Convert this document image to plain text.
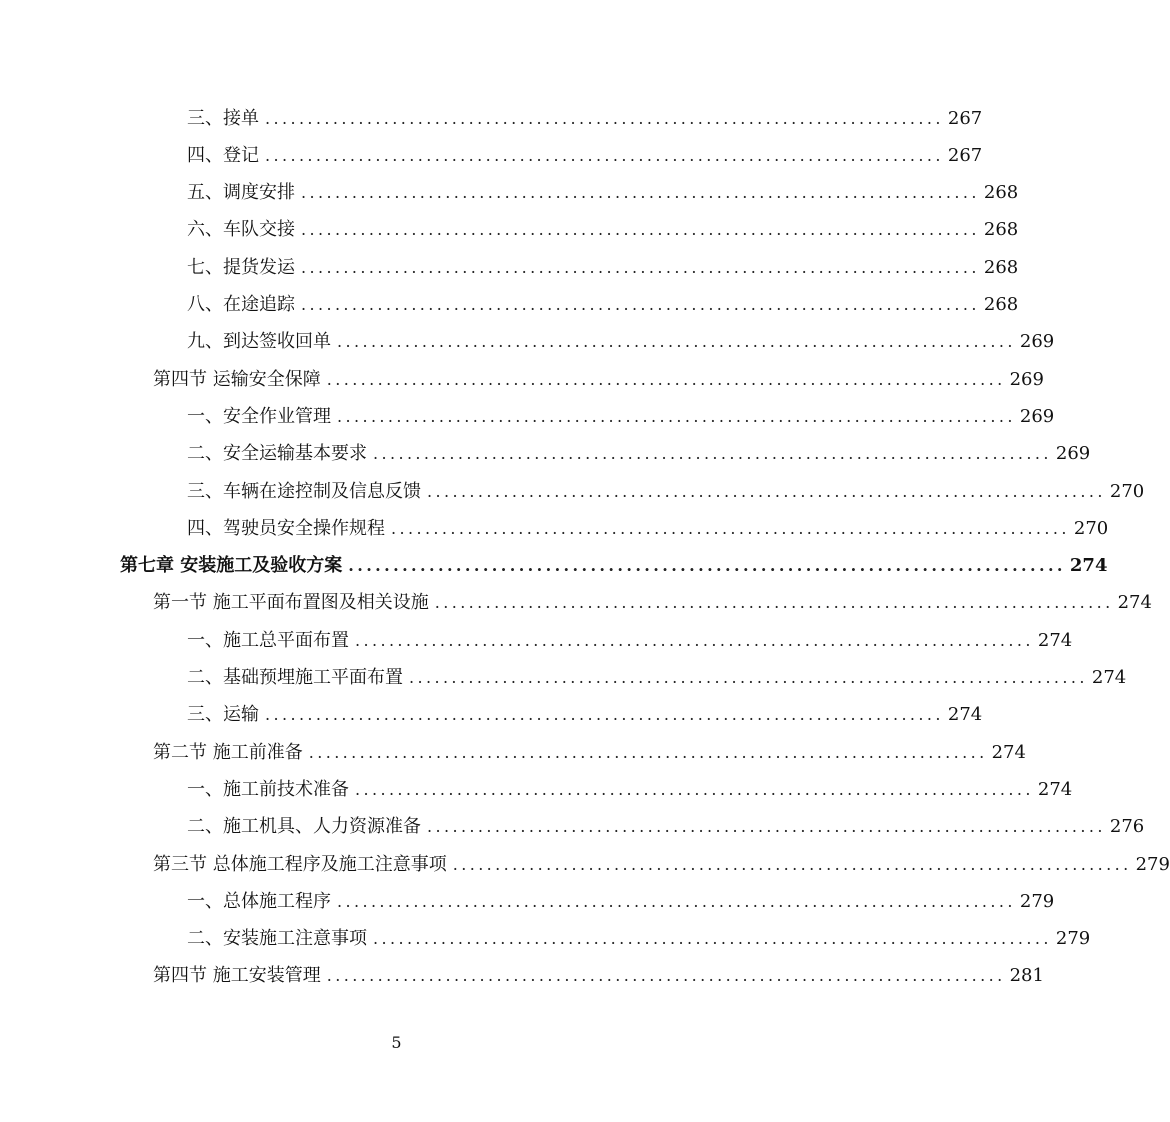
三、接单 ................................................................................ 267
四、登记 ................................................................................ 267
五、调度安排 ................................................................................ 268
六、车队交接 ................................................................................ 268
七、提货发运 ................................................................................ 268
八、在途追踪 ................................................................................ 268
九、到达签收回单 ................................................................................ 269
第四节 运输安全保障 ................................................................................ 269
一、安全作业管理 ................................................................................ 269
二、安全运输基本要求 ................................................................................ 269
三、车辆在途控制及信息反馈 ................................................................................ 270
四、驾驶员安全操作规程 ................................................................................ 270
第七章 安装施工及验收方案 ................................................................................ 274
第一节 施工平面布置图及相关设施 ................................................................................ 274
一、施工总平面布置 ................................................................................ 274
二、基础预埋施工平面布置 ................................................................................ 274
三、运输 ................................................................................ 274
第二节 施工前准备 ................................................................................ 274
一、施工前技术准备 ................................................................................ 274
二、施工机具、人力资源准备 ................................................................................ 276
第三节 总体施工程序及施工注意事项 ................................................................................ 279
一、总体施工程序 ................................................................................ 279
二、安装施工注意事项 ................................................................................ 279
第四节 施工安装管理 ................................................................................ 281
5
